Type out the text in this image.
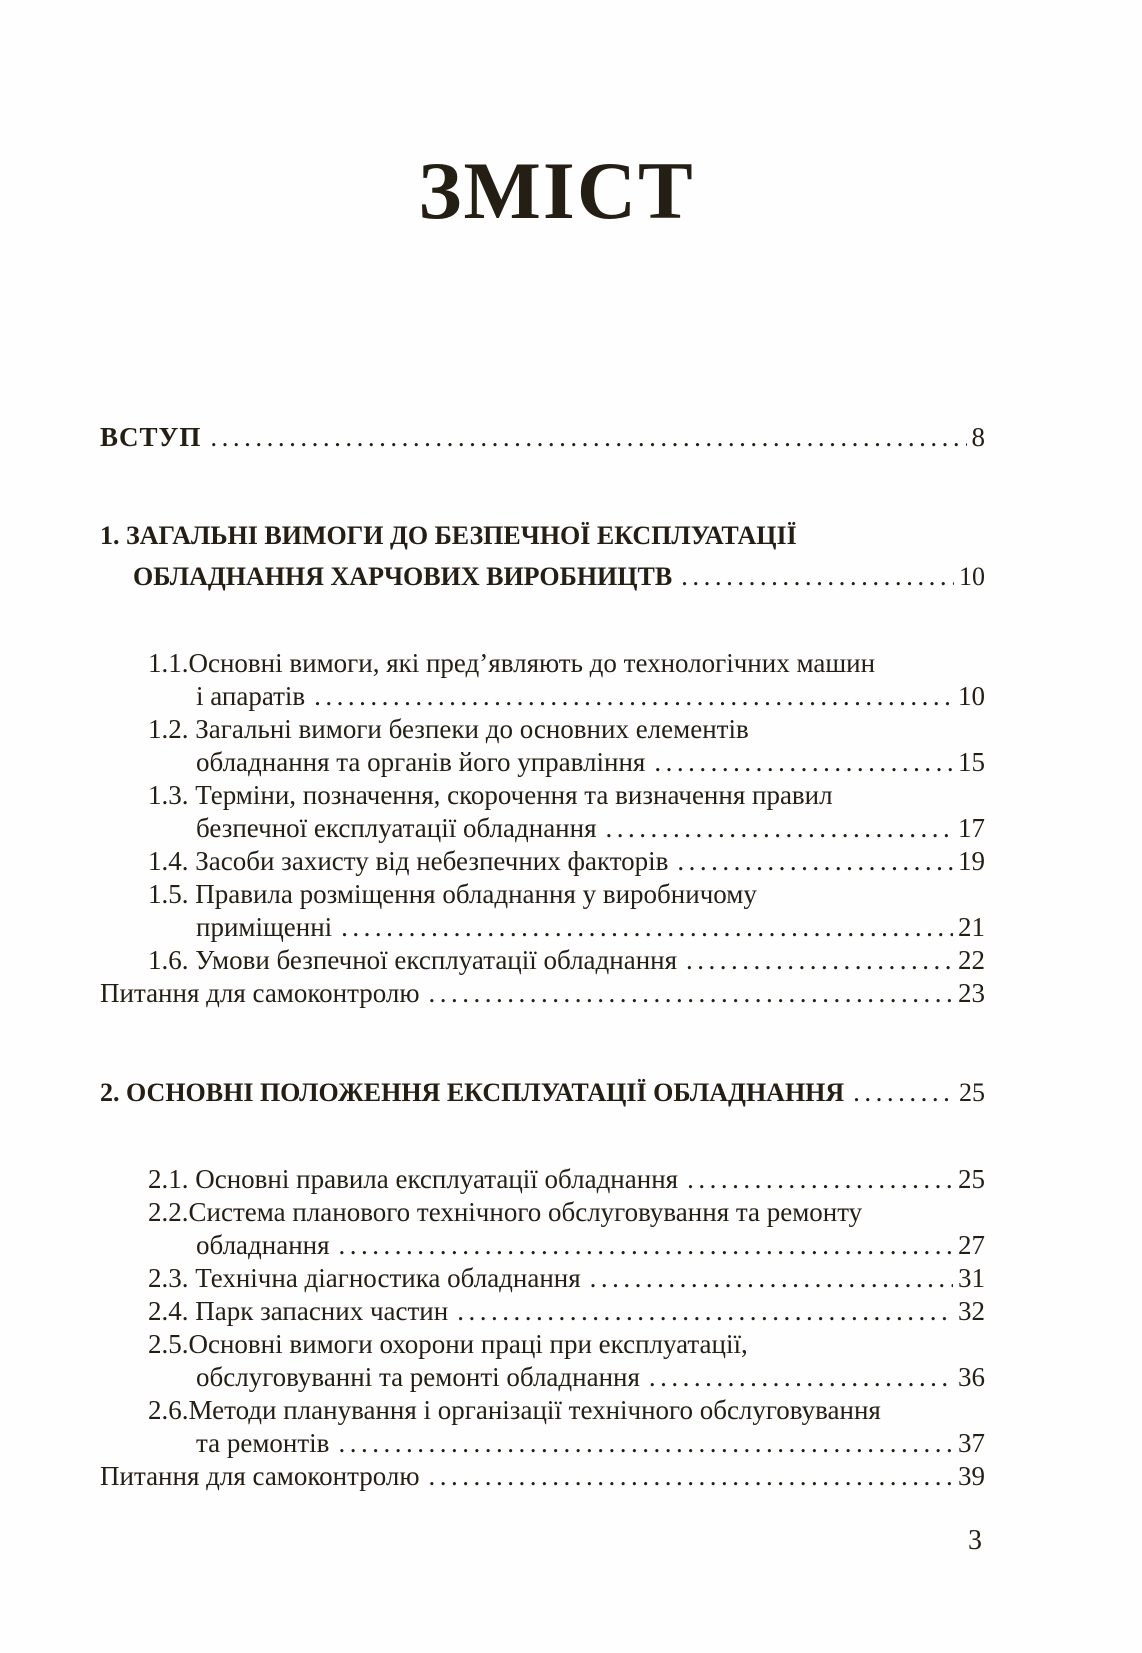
ЗМІСТ
ВСТУП .....	8
1. ЗАГАЛЬНІ ВИМОГИ ДО БЕЗПЕЧНОЇ ЕКСПЛУАТАЦІЇ
ОБЛАДНАННЯ ХАРЧОВИХ ВИРОБНИЦТВ .....	10
1.1.Основні вимоги, які пред’являють до технологічних машин
і апаратів .....	10
1.2. Загальні вимоги безпеки до основних елементів
обладнання та органів його управління .....	15
1.3. Терміни, позначення, скорочення та визначення правил
безпечної експлуатації обладнання .....	17
1.4. Засоби захисту від небезпечних факторів .....	19
1.5. Правила розміщення обладнання у виробничому
приміщенні .....	21
1.6. Умови безпечної експлуатації обладнання .....	22
Питання для самоконтролю .....	23
2. ОСНОВНІ ПОЛОЖЕННЯ ЕКСПЛУАТАЦІЇ ОБЛАДНАННЯ .....	25
2.1. Основні правила експлуатації обладнання .....	25
2.2.Система планового технічного обслуговування та ремонту
обладнання .....	27
2.3. Технічна діагностика обладнання .....	31
2.4. Парк запасних частин .....	32
2.5.Основні вимоги охорони праці при експлуатації,
обслуговуванні та ремонті обладнання .....	36
2.6.Методи планування і організації технічного обслуговування
та ремонтів .....	37
Питання для самоконтролю .....	39
3
